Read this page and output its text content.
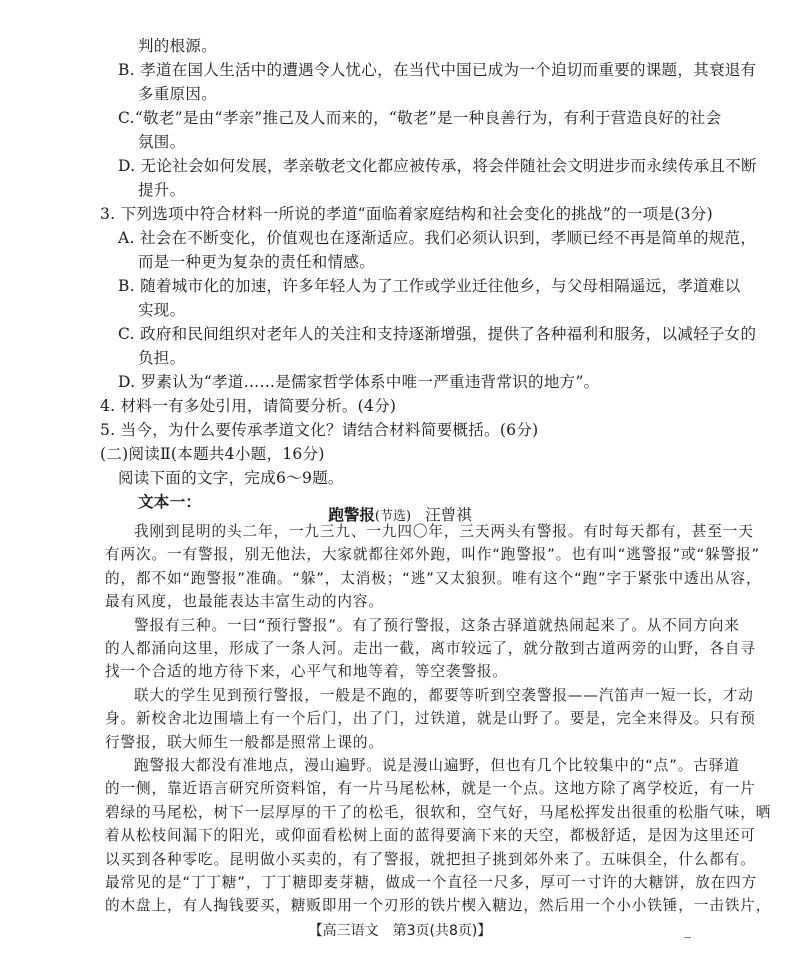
判的根源。
B. 孝道在国人生活中的遭遇令人忧心，在当代中国已成为一个迫切而重要的课题，其衰退有
多重原因。
C.“敬老”是由“孝亲”推己及人而来的，“敬老”是一种良善行为，有利于营造良好的社会
氛围。
D. 无论社会如何发展，孝亲敬老文化都应被传承，将会伴随社会文明进步而永续传承且不断
提升。
3. 下列选项中符合材料一所说的孝道“面临着家庭结构和社会变化的挑战”的一项是(3分)
A. 社会在不断变化，价值观也在逐渐适应。我们必须认识到，孝顺已经不再是简单的规范，
而是一种更为复杂的责任和情感。
B. 随着城市化的加速，许多年轻人为了工作或学业迁往他乡，与父母相隔遥远，孝道难以
实现。
C. 政府和民间组织对老年人的关注和支持逐渐增强，提供了各种福利和服务，以减轻子女的
负担。
D. 罗素认为“孝道……是儒家哲学体系中唯一严重违背常识的地方”。
4. 材料一有多处引用，请简要分析。(4分)
5. 当今，为什么要传承孝道文化？请结合材料简要概括。(6分)
(二)阅读Ⅱ(本题共4小题，16分)
阅读下面的文字，完成6～9题。
文本一：
跑警报(节选) 汪曾祺
我刚到昆明的头二年，一九三九、一九四〇年，三天两头有警报。有时每天都有，甚至一天
有两次。一有警报，别无他法，大家就都往郊外跑，叫作“跑警报”。也有叫“逃警报”或“躲警报”
的，都不如“跑警报”准确。“躲”，太消极；“逃”又太狼狈。唯有这个“跑”字于紧张中透出从容，
最有风度，也最能表达丰富生动的内容。
警报有三种。一曰“预行警报”。有了预行警报，这条古驿道就热闹起来了。从不同方向来
的人都涌向这里，形成了一条人河。走出一截，离市较远了，就分散到古道两旁的山野，各自寻
找一个合适的地方待下来，心平气和地等着，等空袭警报。
联大的学生见到预行警报，一般是不跑的，都要等听到空袭警报——汽笛声一短一长，才动
身。新校舍北边围墙上有一个后门，出了门，过铁道，就是山野了。要是，完全来得及。只有预
行警报，联大师生一般都是照常上课的。
跑警报大都没有准地点，漫山遍野。说是漫山遍野，但也有几个比较集中的“点”。古驿道
的一侧，靠近语言研究所资料馆，有一片马尾松林，就是一个点。这地方除了离学校近，有一片
碧绿的马尾松，树下一层厚厚的干了的松毛，很软和，空气好，马尾松挥发出很重的松脂气味，晒
着从松枝间漏下的阳光，或仰面看松树上面的蓝得要滴下来的天空，都极舒适，是因为这里还可
以买到各种零吃。昆明做小买卖的，有了警报，就把担子挑到郊外来了。五味俱全，什么都有。
最常见的是“丁丁糖”，丁丁糖即麦芽糖，做成一个直径一尺多，厚可一寸许的大糖饼，放在四方
的木盘上，有人掏钱要买，糖贩即用一个刃形的铁片楔入糖边，然后用一个小小铁锤，一击铁片，
【高三语文　第3页(共8页)】	‒
